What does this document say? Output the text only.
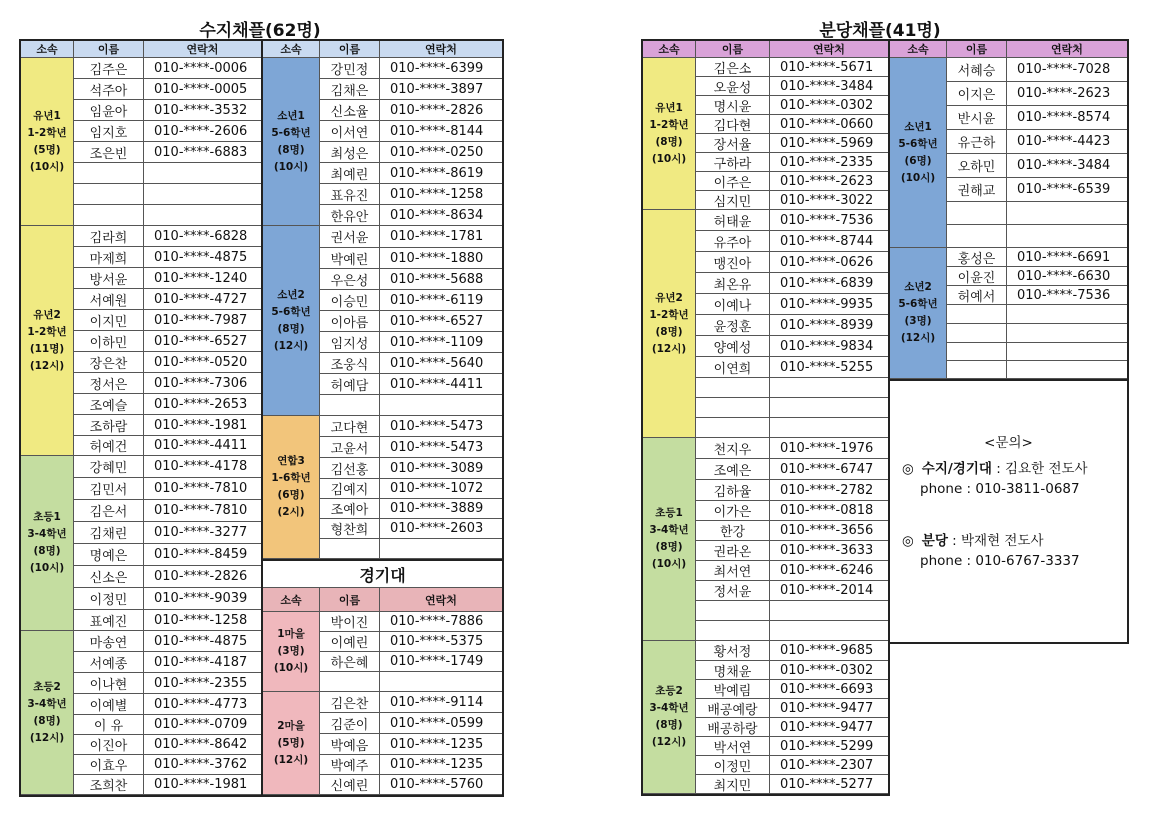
수지채플(62명)	분당채플(41명)
소속	이름	연락처
유년1
1-2학년
(5명)
(10시)
김주은	010-****-0006
석주아	010-****-0005
임윤아	010-****-3532
임지호	010-****-2606
조은빈	010-****-6883
유년2
1-2학년
(11명)
(12시)
김라희	010-****-6828
마제희	010-****-4875
방서윤	010-****-1240
서예원	010-****-4727
이지민	010-****-7987
이하민	010-****-6527
장은찬	010-****-0520
정서은	010-****-7306
조예슬	010-****-2653
조하람	010-****-1981
허예건	010-****-4411
초등1
3-4학년
(8명)
(10시)
강혜민	010-****-4178
김민서	010-****-7810
김은서	010-****-7810
김채린	010-****-3277
명예은	010-****-8459
신소은	010-****-2826
이정민	010-****-9039
표예진	010-****-1258
초등2
3-4학년
(8명)
(12시)
마송연	010-****-4875
서예종	010-****-4187
이나현	010-****-2355
이예별	010-****-4773
이 유	010-****-0709
이진아	010-****-8642
이효우	010-****-3762
조희찬	010-****-1981
소속	이름	연락처
소년1
5-6학년
(8명)
(10시)
강민정	010-****-6399
김채은	010-****-3897
신소율	010-****-2826
이서연	010-****-8144
최성은	010-****-0250
최예린	010-****-8619
표유진	010-****-1258
한유안	010-****-8634
소년2
5-6학년
(8명)
(12시)
권서윤	010-****-1781
박예린	010-****-1880
우은성	010-****-5688
이승민	010-****-6119
이아름	010-****-6527
임지성	010-****-1109
조웅식	010-****-5640
허예담	010-****-4411
연합3
1-6학년
(6명)
(2시)
고다현	010-****-5473
고윤서	010-****-5473
김선홍	010-****-3089
김예지	010-****-1072
조예아	010-****-3889
형찬희	010-****-2603
경기대
소속	이름	연락처
1마을
(3명)
(10시)
박이진	010-****-7886
이예린	010-****-5375
하은혜	010-****-1749
2마을
(5명)
(12시)
김은찬	010-****-9114
김준이	010-****-0599
박예음	010-****-1235
박예주	010-****-1235
신예린	010-****-5760
소속	이름	연락처
유년1
1-2학년
(8명)
(10시)
김은소	010-****-5671
오윤성	010-****-3484
명시윤	010-****-0302
김다현	010-****-0660
장서율	010-****-5969
구하라	010-****-2335
이주은	010-****-2623
심지민	010-****-3022
유년2
1-2학년
(8명)
(12시)
허태윤	010-****-7536
유주아	010-****-8744
맹진아	010-****-0626
최온유	010-****-6839
이예나	010-****-9935
윤정훈	010-****-8939
양예성	010-****-9834
이연희	010-****-5255
초등1
3-4학년
(8명)
(10시)
천지우	010-****-1976
조예은	010-****-6747
김하율	010-****-2782
이가은	010-****-0818
한강	010-****-3656
권라온	010-****-3633
최서연	010-****-6246
정서윤	010-****-2014
초등2
3-4학년
(8명)
(12시)
황서정	010-****-9685
명채윤	010-****-0302
박예림	010-****-6693
배공예랑	010-****-9477
배공하랑	010-****-9477
박서연	010-****-5299
이정민	010-****-2307
최지민	010-****-5277
소속	이름	연락처
소년1
5-6학년
(6명)
(10시)
서혜승	010-****-7028
이지은	010-****-2623
반시윤	010-****-8574
유근하	010-****-4423
오하민	010-****-3484
권해교	010-****-6539
소년2
5-6학년
(3명)
(12시)
홍성은	010-****-6691
이윤진	010-****-6630
허예서	010-****-7536
<문의>
◎ 수지/경기대 : 김요한 전도사
phone : 010-3811-0687
◎ 분당 : 박재현 전도사
phone : 010-6767-3337
